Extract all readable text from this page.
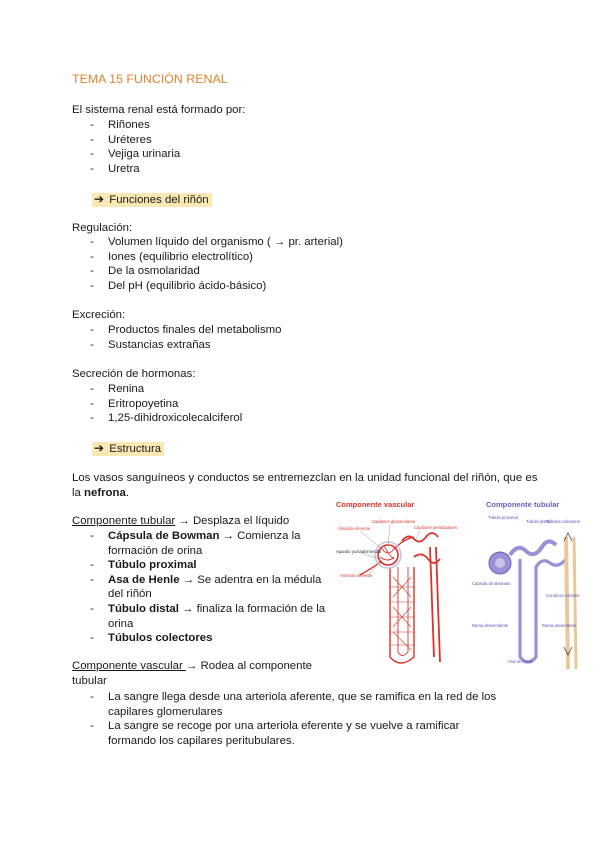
TEMA 15 FUNCIÓN RENAL
El sistema renal está formado por:
- Riñones
- Uréteres
- Vejiga urinaria
- Uretra
➔ Funciones del riñón
Regulación:
- Volumen líquido del organismo ( → pr. arterial)
- Iones (equilibrio electrolítico)
- De la osmolaridad
- Del pH (equilibrio ácido-básico)
Excreción:
- Productos finales del metabolismo
- Sustancias extrañas
Secreción de hormonas:
- Renina
- Eritropoyetina
- 1,25-dihidroxicolecalciferol
➔ Estructura
Los vasos sanguíneos y conductos se entremezclan en la unidad funcional del riñón, que es
la nefrona.
Componente tubular → Desplaza el líquido
- Cápsula de Bowman → Comienza la formación de orina
- Túbulo proximal
- Asa de Henle → Se adentra en la médula del riñón
- Túbulo distal → finaliza la formación de la orina
- Túbulos colectores
Componente vascular → Rodea al componente tubular
- La sangre llega desde una arteriola aferente, que se ramifica en la red de los capilares glomerulares
- La sangre se recoge por una arteriola eferente y se vuelve a ramificar formando los capilares peritubulares.
Componente vascular	Componente tubular
Arteriola eferente
Capilares glomerulares
Capilares peritubulares
Aparato yuxtaglomerular
Arteriola aferente
Túbulo proximal
Túbulo distal
Túbulos colectores
Cápsula de Bowman
Rama descendente	Rama ascendente
Conducto colector
Asa de Henle
